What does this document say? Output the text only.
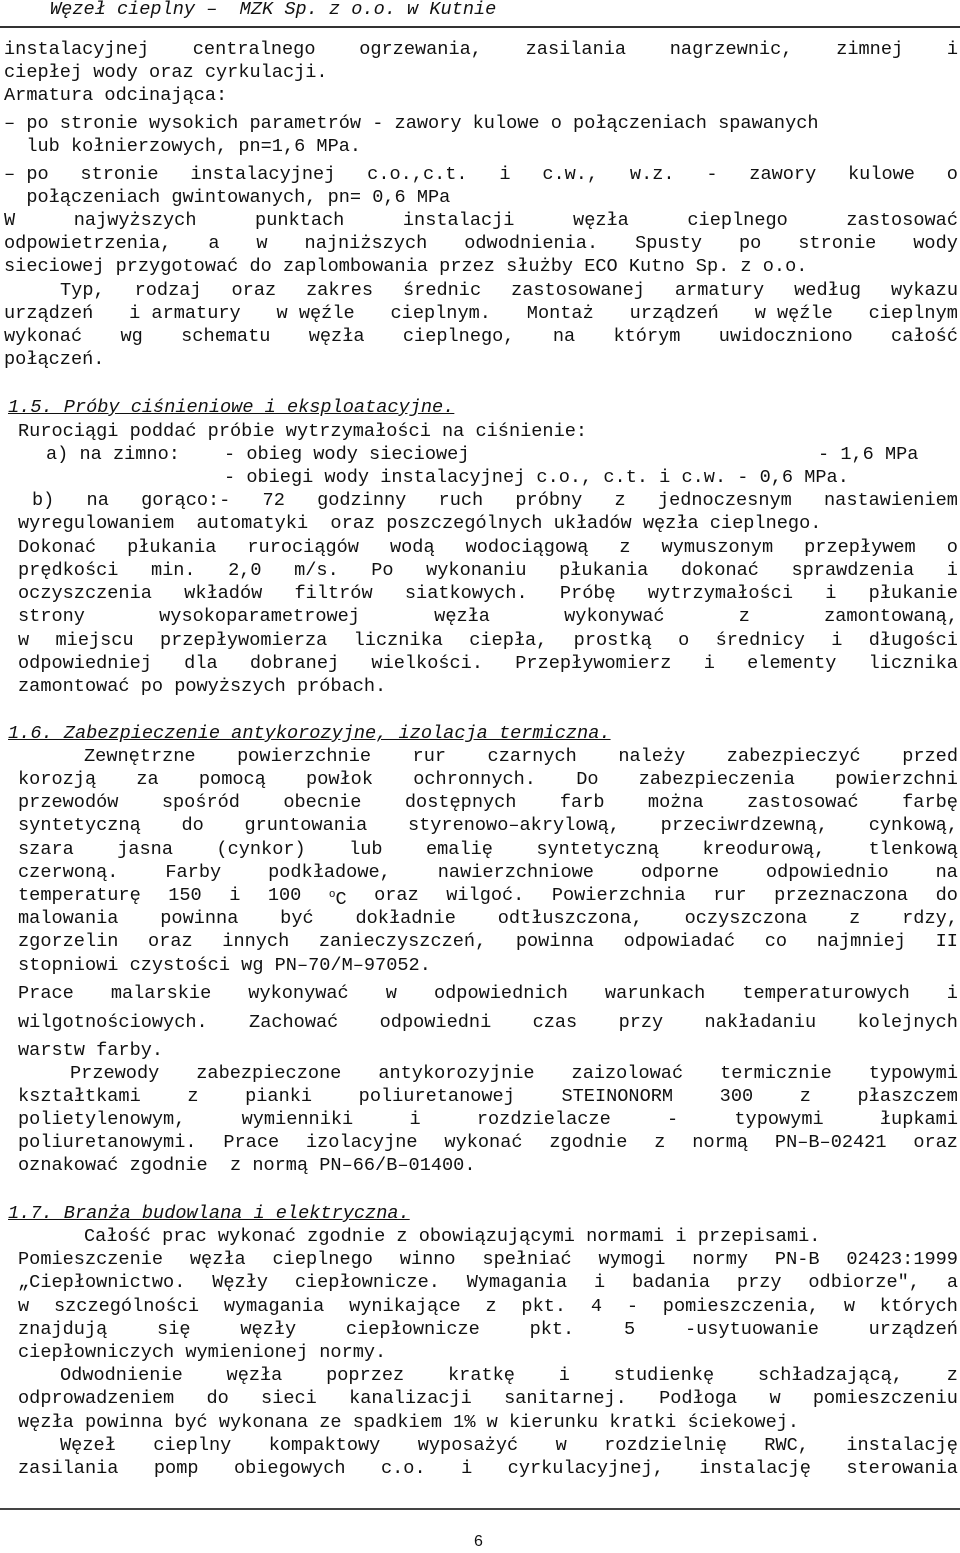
Węzeł cieplny –  MZK Sp. z o.o. w Kutnie
instalacyjnej centralnego ogrzewania, zasilania nagrzewnic, zimnej i
ciepłej wody oraz cyrkulacji.
Armatura odcinająca:
– po stronie wysokich parametrów - zawory kulowe o połączeniach spawanych
lub kołnierzowych, pn=1,6 MPa.
– po stronie instalacyjnej c.o.,c.t. i c.w., w.z. - zawory kulowe o
połączeniach gwintowanych, pn= 0,6 MPa
W	najwyższych	punktach	instalacji	węzła	cieplnego	zastosować
odpowietrzenia, a w najniższych odwodnienia. Spusty po stronie wody
sieciowej przygotować do zaplombowania przez służby ECO Kutno Sp. z o.o.
Typ, rodzaj oraz zakres średnic zastosowanej armatury według wykazu
urządzeń i armatury w węźle cieplnym. Montaż urządzeń w węźle cieplnym
wykonać wg schematu węzła cieplnego, na którym uwidoczniono całość
połączeń.
1.5. Próby ciśnieniowe i eksploatacyjne.
Rurociągi poddać próbie wytrzymałości na ciśnienie:
a) na zimno: - obieg wody sieciowej	- 1,6 MPa
- obiegi wody instalacyjnej c.o., c.t. i c.w. - 0,6 MPa.
b) na gorąco:- 72 godzinny ruch próbny z jednoczesnym nastawieniem
wyregulowaniem  automatyki  oraz poszczególnych układów węzła cieplnego.
Dokonać płukania rurociągów wodą wodociągową z wymuszonym przepływem o
prędkości min. 2,0 m/s. Po wykonaniu płukania dokonać sprawdzenia i
oczyszczenia wkładów filtrów siatkowych. Próbę wytrzymałości i płukanie
strony	wysokoparametrowej	węzła	wykonywać	z	zamontowaną,
w miejscu przepływomierza licznika ciepła, prostką o średnicy i długości
odpowiedniej dla dobranej wielkości. Przepływomierz i elementy licznika
zamontować po powyższych próbach.
1.6. Zabezpieczenie antykorozyjne, izolacja termiczna.
Zewnętrzne powierzchnie rur czarnych należy zabezpieczyć przed
korozją za pomocą powłok ochronnych. Do zabezpieczenia powierzchni
przewodów spośród obecnie dostępnych farb można zastosować farbę
syntetyczną do gruntowania styrenowo–akrylową, przeciwrdzewną, cynkową,
szara jasna (cynkor) lub emalię syntetyczną kreodurową, tlenkową
czerwoną.	Farby	podkładowe,	nawierzchniowe	odporne	odpowiednio	na
temperaturę 150 i 100 $^o$C oraz wilgoć. Powierzchnia rur przeznaczona do
malowania powinna być dokładnie odtłuszczona, oczyszczona z rdzy,
zgorzelin oraz innych zanieczyszczeń, powinna odpowiadać co najmniej II
stopniowi czystości wg PN–70/M–97052.
Prace malarskie wykonywać w odpowiednich warunkach temperaturowych i
wilgotnościowych. Zachować odpowiedni czas przy nakładaniu kolejnych
warstw farby.
Przewody zabezpieczone antykorozyjnie zaizolować termicznie typowymi
kształtkami	z	pianki	poliuretanowej	STEINONORM	300	z	płaszczem
polietylenowym,	wymienniki	i	rozdzielacze	-	typowymi	łupkami
poliuretanowymi. Prace izolacyjne wykonać zgodnie z normą PN–B–02421 oraz
oznakować zgodnie  z normą PN–66/B–01400.
1.7. Branża budowlana i elektryczna.
Całość prac wykonać zgodnie z obowiązującymi normami i przepisami.
Pomieszczenie węzła cieplnego winno spełniać wymogi normy PN-B 02423:1999
„Ciepłownictwo. Węzły ciepłownicze. Wymagania i badania przy odbiorze", a
w szczególności wymagania wynikające z pkt. 4 - pomieszczenia, w których
znajdują	się	węzły	ciepłownicze	pkt.	5	-usytuowanie	urządzeń
ciepłowniczych wymienionej normy.
Odwodnienie węzła poprzez kratkę i studienkę schładzającą, z
odprowadzeniem do sieci kanalizacji sanitarnej. Podłoga w pomieszczeniu
węzła powinna być wykonana ze spadkiem 1% w kierunku kratki ściekowej.
Węzeł cieplny kompaktowy wyposażyć w rozdzielnię RWC, instalację
zasilania pomp obiegowych c.o. i cyrkulacyjnej, instalację sterowania
6
